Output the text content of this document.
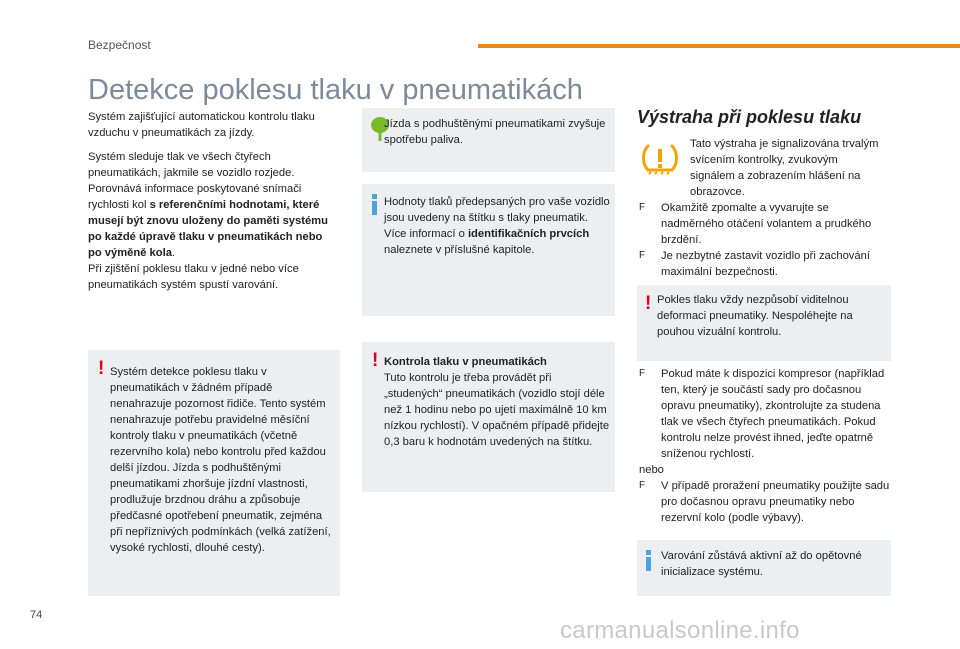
Bezpečnost
Detekce poklesu tlaku v pneumatikách

Systém zajišťující automatickou kontrolu tlaku vzduchu v pneumatikách za jízdy.

Systém sleduje tlak ve všech čtyřech pneumatikách, jakmile se vozidlo rozjede. Porovnává informace poskytované snímači rychlosti kol s referenčními hodnotami, které musejí být znovu uloženy do paměti systému po každé úpravě tlaku v pneumatikách nebo po výměně kola.

Při zjištění poklesu tlaku v jedné nebo více pneumatikách systém spustí varování.

! Systém detekce poklesu tlaku v pneumatikách v žádném případě nenahrazuje pozornost řidiče. Tento systém nenahrazuje potřebu pravidelné měsíční kontroly tlaku v pneumatikách (včetně rezervního kola) nebo kontrolu před každou delší jízdou. Jízda s podhuštěnými pneumatikami zhoršuje jízdní vlastnosti, prodlužuje brzdnou dráhu a způsobuje předčasné opotřebení pneumatik, zejména při nepříznivých podmínkách (velká zatížení, vysoké rychlosti, dlouhé cesty).
Jízda s podhuštěnými pneumatikami zvyšuje spotřebu paliva.
Hodnoty tlaků předepsaných pro vaše vozidlo jsou uvedeny na štítku s tlaky pneumatik.
Více informací o identifikačních prvcích naleznete v příslušné kapitole.
! Kontrola tlaku v pneumatikách
Tuto kontrolu je třeba provádět při „studených“ pneumatikách (vozidlo stojí déle než 1 hodinu nebo po ujetí maximálně 10 km nízkou rychlostí). V opačném případě přidejte 0,3 baru k hodnotám uvedených na štítku.
Výstraha při poklesu tlaku
Tato výstraha je signalizována trvalým svícením kontrolky, zvukovým signálem a zobrazením hlášení na obrazovce.
F Okamžitě zpomalte a vyvarujte se nadměrného otáčení volantem a prudkého brzdění.
F Je nezbytné zastavit vozidlo při zachování maximální bezpečnosti.
! Pokles tlaku vždy nezpůsobí viditelnou deformaci pneumatiky. Nespoléhejte na pouhou vizuální kontrolu.
F Pokud máte k dispozici kompresor (například ten, který je součástí sady pro dočasnou opravu pneumatiky), zkontrolujte za studena tlak ve všech čtyřech pneumatikách. Pokud kontrolu nelze provést ihned, jeďte opatrně sníženou rychlostí.
nebo
F V případě proražení pneumatiky použijte sadu pro dočasnou opravu pneumatiky nebo rezervní kolo (podle výbavy).
Varování zůstává aktivní až do opětovné inicializace systému.
74
carmanualsonline.info
